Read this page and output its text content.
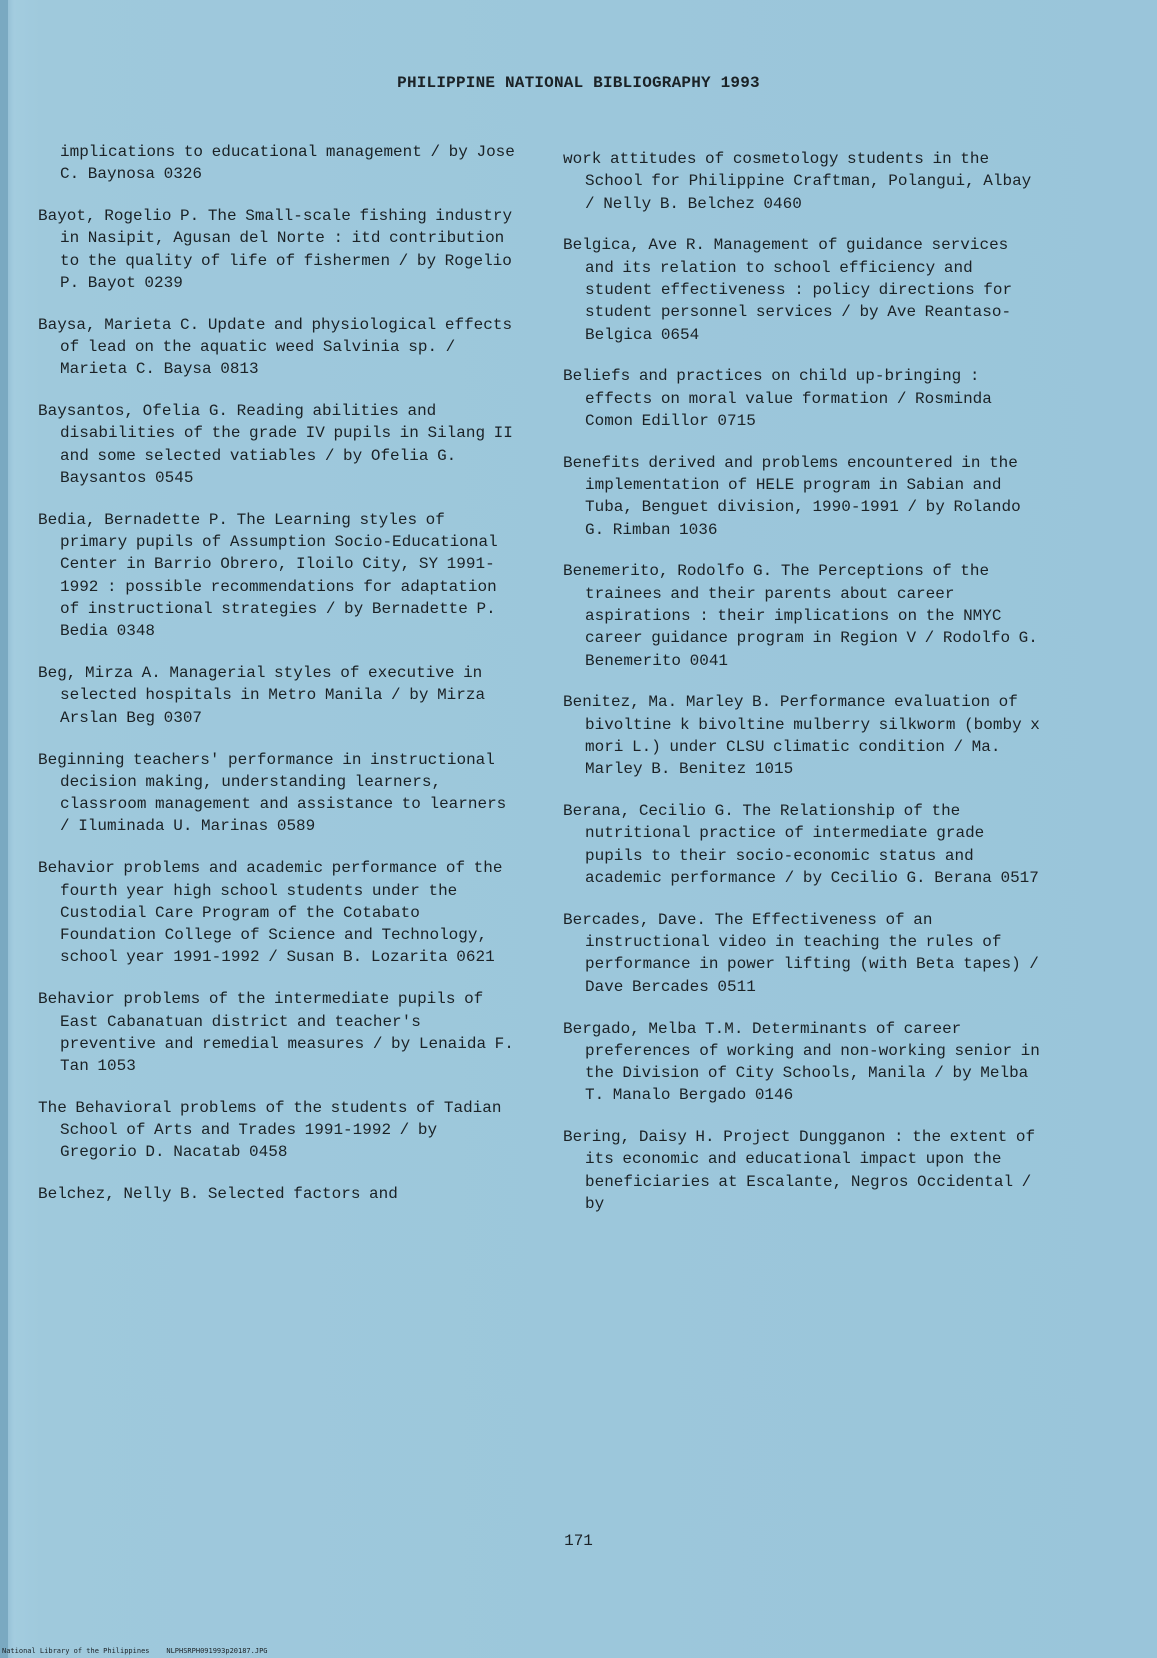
PHILIPPINE NATIONAL BIBLIOGRAPHY 1993
implications to educational management / by Jose C. Baynosa 0326
Bayot, Rogelio P. The Small-scale fishing industry in Nasipit, Agusan del Norte : itd contribution to the quality of life of fishermen / by Rogelio P. Bayot 0239
Baysa, Marieta C. Update and physiological effects of lead on the aquatic weed Salvinia sp. / Marieta C. Baysa 0813
Baysantos, Ofelia G. Reading abilities and disabilities of the grade IV pupils in Silang II and some selected vatiables / by Ofelia G. Baysantos 0545
Bedia, Bernadette P. The Learning styles of primary pupils of Assumption Socio-Educational Center in Barrio Obrero, Iloilo City, SY 1991-1992 : possible recommendations for adaptation of instructional strategies / by Bernadette P. Bedia 0348
Beg, Mirza A. Managerial styles of executive in selected hospitals in Metro Manila / by Mirza Arslan Beg 0307
Beginning teachers' performance in instructional decision making, understanding learners, classroom management and assistance to learners / Iluminada U. Marinas 0589
Behavior problems and academic performance of the fourth year high school students under the Custodial Care Program of the Cotabato Foundation College of Science and Technology, school year 1991-1992 / Susan B. Lozarita 0621
Behavior problems of the intermediate pupils of East Cabanatuan district and teacher's preventive and remedial measures / by Lenaida F. Tan 1053
The Behavioral problems of the students of Tadian School of Arts and Trades 1991-1992 / by Gregorio D. Nacatab 0458
Belchez, Nelly B. Selected factors and
work attitudes of cosmetology students in the School for Philippine Craftman, Polangui, Albay / Nelly B. Belchez 0460
Belgica, Ave R. Management of guidance services and its relation to school efficiency and student effectiveness : policy directions for student personnel services / by Ave Reantaso-Belgica 0654
Beliefs and practices on child up-bringing : effects on moral value formation / Rosminda Comon Edillor 0715
Benefits derived and problems encountered in the implementation of HELE program in Sabian and Tuba, Benguet division, 1990-1991 / by Rolando G. Rimban 1036
Benemerito, Rodolfo G. The Perceptions of the trainees and their parents about career aspirations : their implications on the NMYC career guidance program in Region V / Rodolfo G. Benemerito 0041
Benitez, Ma. Marley B. Performance evaluation of bivoltine k bivoltine mulberry silkworm (bomby x mori L.) under CLSU climatic condition / Ma. Marley B. Benitez 1015
Berana, Cecilio G. The Relationship of the nutritional practice of intermediate grade pupils to their socio-economic status and academic performance / by Cecilio G. Berana 0517
Bercades, Dave. The Effectiveness of an instructional video in teaching the rules of performance in power lifting (with Beta tapes) / Dave Bercades 0511
Bergado, Melba T.M. Determinants of career preferences of working and non-working senior in the Division of City Schools, Manila / by Melba T. Manalo Bergado 0146
Bering, Daisy H. Project Dungganon : the extent of its economic and educational impact upon the beneficiaries at Escalante, Negros Occidental / by
171
National Library of the Philippines    NLPHSRPH091993p20187.JPG
